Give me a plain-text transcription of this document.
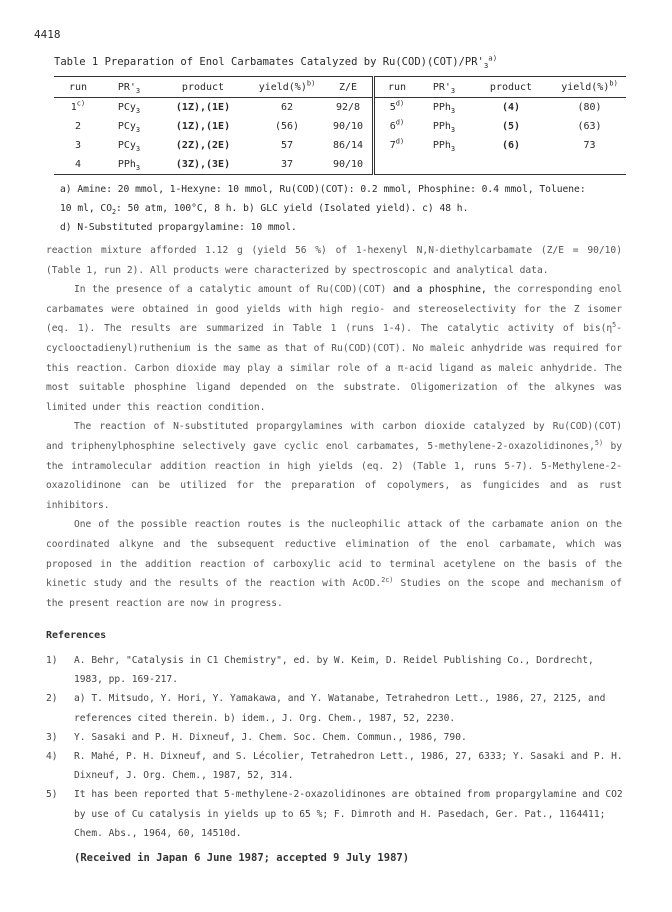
4418
Table 1 Preparation of Enol Carbamates Catalyzed by $Ru(COD)(COT)/PR'_3^{a)}$
run	$PR'_3$	product	yield(%)$^{b)}$	Z/E	run	$PR'_3$	product	yield(%)$^{b)}$
1$^{c)}$	PCy$_3$	(1Z),(1E)	62	92/8	5$^{d)}$	PPh$_3$	(4)	(80)
2	PCy$_3$	(1Z),(1E)	(56)	90/10	6$^{d)}$	PPh$_3$	(5)	(63)
3	PCy$_3$	(2Z),(2E)	57	86/14	7$^{d)}$	PPh$_3$	(6)	73
4	PPh$_3$	(3Z),(3E)	37	90/10				
a) Amine: 20 mmol, 1-Hexyne: 10 mmol, Ru(COD)(COT): 0.2 mmol, Phosphine: 0.4 mmol, Toluene:
10 ml, $CO_2$: 50 atm, 100°C, 8 h. b) GLC yield (Isolated yield). c) 48 h.
d) N-Substituted propargylamine: 10 mmol.

reaction mixture afforded 1.12 g (yield 56 %) of 1-hexenyl N,N-diethylcarbamate (Z/E = 90/10) (Table 1, run 2). All products were characterized by spectroscopic and analytical data.

In the presence of a catalytic amount of Ru(COD)(COT) and a phosphine, the corresponding enol carbamates were obtained in good yields with high regio- and stereoselectivity for the Z isomer (eq. 1). The results are summarized in Table 1 (runs 1-4). The catalytic activity of $bis(\eta^5-cyclooctadienyl)ruthenium$ is the same as that of Ru(COD)(COT). No maleic anhydride was required for this reaction. Carbon dioxide may play a similar role of a π-acid ligand as maleic anhydride. The most suitable phosphine ligand depended on the substrate. Oligomerization of the alkynes was limited under this reaction condition.

The reaction of N-substituted propargylamines with carbon dioxide catalyzed by Ru(COD)(COT) and triphenylphosphine selectively gave cyclic enol carbamates, 5-methylene-2-oxazolidinones,$^{5)}$ by the intramolecular addition reaction in high yields (eq. 2) (Table 1, runs 5-7). 5-Methylene-2-oxazolidinone can be utilized for the preparation of copolymers, as fungicides and as rust inhibitors.

One of the possible reaction routes is the nucleophilic attack of the carbamate anion on the coordinated alkyne and the subsequent reductive elimination of the enol carbamate, which was proposed in the addition reaction of carboxylic acid to terminal acetylene on the basis of the kinetic study and the results of the reaction with AcOD.$^{2c)}$ Studies on the scope and mechanism of the present reaction are now in progress.

References
1)	A. Behr, "Catalysis in C1 Chemistry", ed. by W. Keim, D. Reidel Publishing Co., Dordrecht, 1983, pp. 169-217.
2)	a) T. Mitsudo, Y. Hori, Y. Yamakawa, and Y. Watanabe, Tetrahedron Lett., 1986, 27, 2125, and references cited therein. b) idem., J. Org. Chem., 1987, 52, 2230.
3)	Y. Sasaki and P. H. Dixneuf, J. Chem. Soc. Chem. Commun., 1986, 790.
4)	R. Mahé, P. H. Dixneuf, and S. Lécolier, Tetrahedron Lett., 1986, 27, 6333; Y. Sasaki and P. H. Dixneuf, J. Org. Chem., 1987, 52, 314.
5)	It has been reported that 5-methylene-2-oxazolidinones are obtained from propargylamine and CO2 by use of Cu catalysis in yields up to 65 %; F. Dimroth and H. Pasedach, Ger. Pat., 1164411; Chem. Abs., 1964, 60, 14510d.
(Received in Japan 6 June 1987; accepted 9 July 1987)
